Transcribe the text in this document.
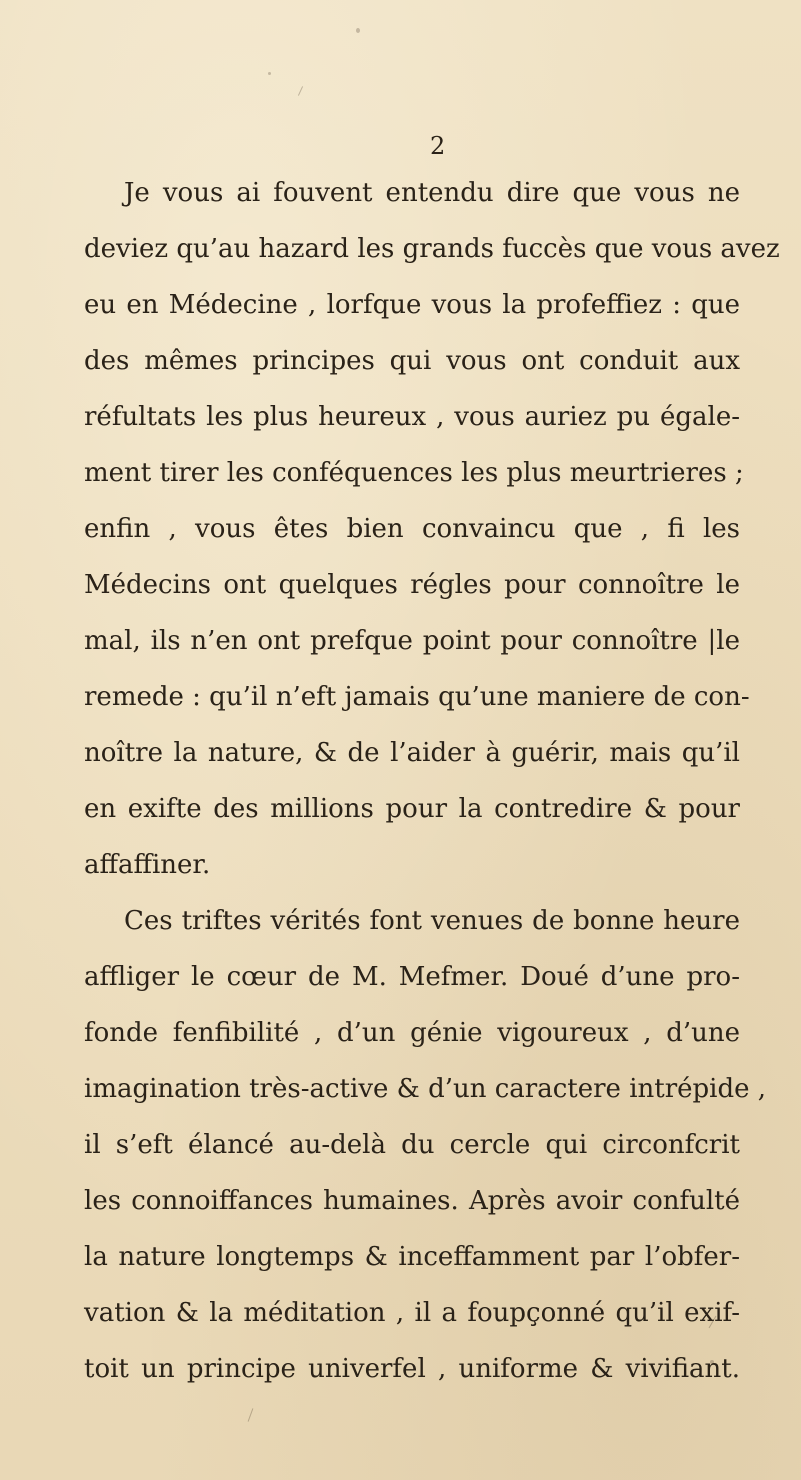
2
Je vous ai fouvent entendu dire que vous ne
deviez qu’au hazard les grands fuccès que vous avez
eu en Médecine , lorfque vous la profeffiez : que
des mêmes principes qui vous ont conduit aux
réfultats les plus heureux , vous auriez pu égale-
ment tirer les conféquences les plus meurtrieres ;
enfin , vous êtes bien convaincu que , fi les
Médecins ont quelques régles pour connoître le
mal, ils n’en ont prefque point pour connoître |le
remede : qu’il n’eft jamais qu’une maniere de con-
noître la nature, & de l’aider à guérir, mais qu’il
en exifte des millions pour la contredire & pour
affaffiner.
Ces triftes vérités font venues de bonne heure
affliger le cœur de M. Mefmer. Doué d’une pro-
fonde fenfibilité , d’un génie vigoureux , d’une
imagination très-active & d’un caractere intrépide ,
il s’eft élancé au-delà du cercle qui circonfcrit
les connoiffances humaines. Après avoir confulté
la nature longtemps & inceffamment par l’obfer-
vation & la méditation , il a foupçonné qu’il exif-
toit un principe univerfel , uniforme & vivifiant.
